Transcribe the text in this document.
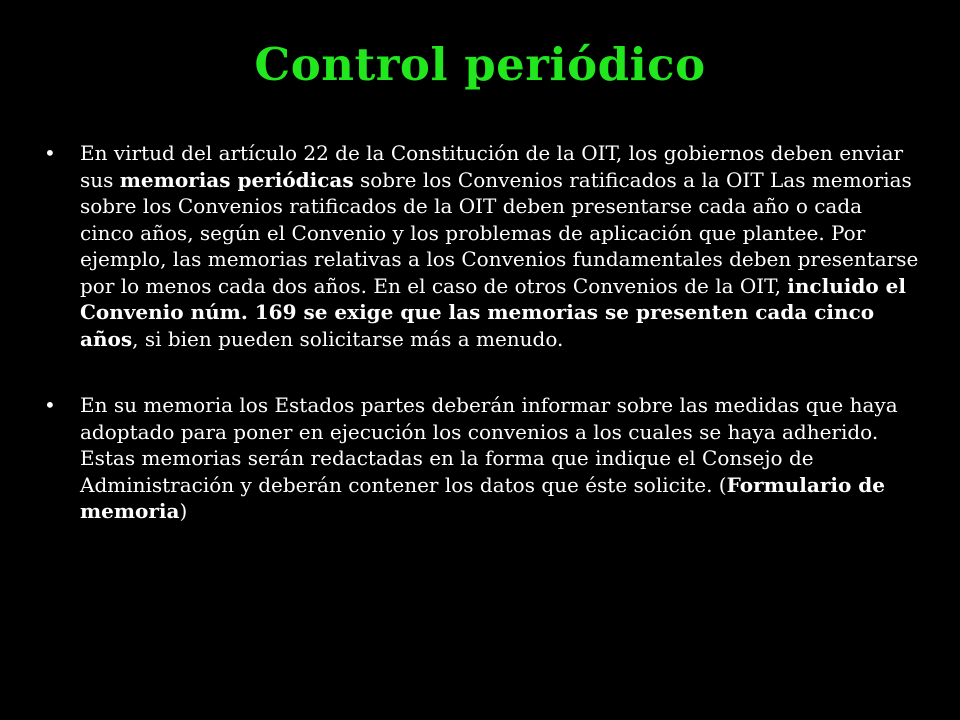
Control periódico
• En virtud del artículo 22 de la Constitución de la OIT, los gobiernos deben enviar sus memorias periódicas sobre los Convenios ratificados a la OIT Las memorias sobre los Convenios ratificados de la OIT deben presentarse cada año o cada cinco años, según el Convenio y los problemas de aplicación que plantee. Por ejemplo, las memorias relativas a los Convenios fundamentales deben presentarse por lo menos cada dos años. En el caso de otros Convenios de la OIT, incluido el Convenio núm. 169 se exige que las memorias se presenten cada cinco años, si bien pueden solicitarse más a menudo.
• En su memoria los Estados partes deberán informar sobre las medidas que haya adoptado para poner en ejecución los convenios a los cuales se haya adherido. Estas memorias serán redactadas en la forma que indique el Consejo de Administración y deberán contener los datos que éste solicite. (Formulario de memoria)
